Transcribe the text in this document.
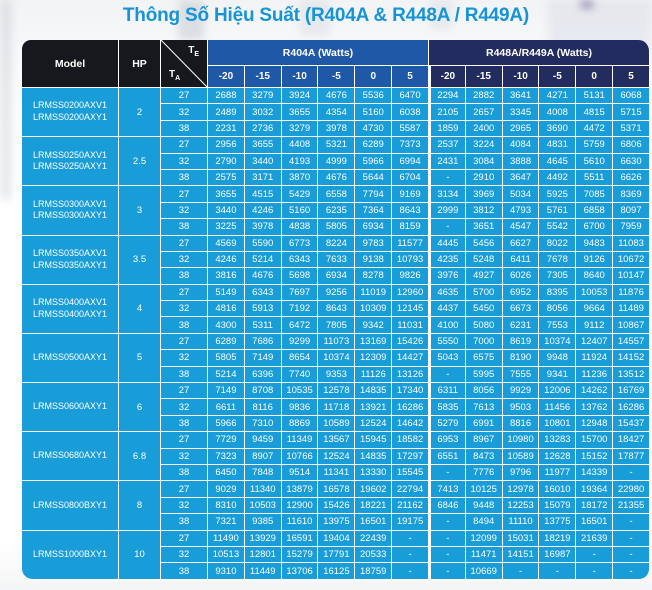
Thông Số Hiệu Suất (R404A & R448A / R449A)
Model	HP	$T_E$
$T_A$	R404A (Watts)						R448A/R449A (Watts)					
			-20	-15	-10	-5	0	5	-20	-15	-10	-5	0	5

LRMSS0200AXV1
LRMSS0200AXY1	2	27	2688	3279	3924	4676	5536	6470	2294	2882	3641	4271	5131	6068
		32	2489	3032	3655	4354	5160	6038	2105	2657	3345	4008	4815	5715
		38	2231	2736	3279	3978	4730	5587	1859	2400	2965	3690	4472	5371

LRMSS0250AXV1
LRMSS0250AXY1	2.5	27	2956	3655	4408	5321	6289	7373	2537	3224	4084	4831	5759	6806
		32	2790	3440	4193	4999	5966	6994	2431	3084	3888	4645	5610	6630
		38	2575	3171	3870	4676	5644	6704	-	2910	3647	4492	5511	6626

LRMSS0300AXV1
LRMSS0300AXY1	3	27	3655	4515	5429	6558	7794	9169	3134	3969	5034	5925	7085	8369
		32	3440	4246	5160	6235	7364	8643	2999	3812	4793	5761	6858	8097
		38	3225	3978	4838	5805	6934	8159	-	3651	4547	5542	6700	7959

LRMSS0350AXV1
LRMSS0350AXY1	3.5	27	4569	5590	6773	8224	9783	11577	4445	5456	6627	8022	9483	11083
		32	4246	5214	6343	7633	9138	10793	4235	5248	6411	7678	9126	10672
		38	3816	4676	5698	6934	8278	9826	3976	4927	6026	7305	8640	10147

LRMSS0400AXV1
LRMSS0400AXY1	4	27	5149	6343	7697	9256	11019	12960	4635	5700	6952	8395	10053	11876
		32	4816	5913	7192	8643	10309	12145	4437	5450	6673	8056	9664	11489
		38	4300	5311	6472	7805	9342	11031	4100	5080	6231	7553	9112	10867

LRMSS0500AXY1	5	27	6289	7686	9299	11073	13169	15426	5550	7000	8619	10374	12407	14557
		32	5805	7149	8654	10374	12309	14427	5043	6575	8190	9948	11924	14152
		38	5214	6396	7740	9353	11126	13126	-	5995	7555	9341	11236	13512

LRMSS0600AXY1	6	27	7149	8708	10535	12578	14835	17340	6311	8056	9929	12006	14262	16769
		32	6611	8116	9836	11718	13921	16286	5835	7613	9503	11456	13762	16286
		38	5966	7310	8869	10589	12524	14642	5279	6991	8816	10801	12948	15437

LRMSS0680AXY1	6.8	27	7729	9459	11349	13567	15945	18582	6953	8967	10980	13283	15700	18427
		32	7323	8907	10766	12524	14835	17297	6551	8473	10589	12628	15152	17877
		38	6450	7848	9514	11341	13330	15545	-	7776	9796	11977	14339	-

LRMSS0800BXY1	8	27	9029	11340	13879	16578	19602	22794	7413	10125	12978	16010	19364	22980
		32	8310	10503	12900	15426	18221	21162	6846	9448	12253	15079	18172	21355
		38	7321	9385	11610	13975	16501	19175	-	8494	11110	13775	16501	-

LRMSS1000BXY1	10	27	11490	13929	16591	19404	22439	-	-	12099	15031	18219	21639	-
		32	10513	12801	15279	17791	20533	-	-	11471	14151	16987	-	-
		38	9310	11449	13706	16125	18759	-	-	10669	-	-	-	-
